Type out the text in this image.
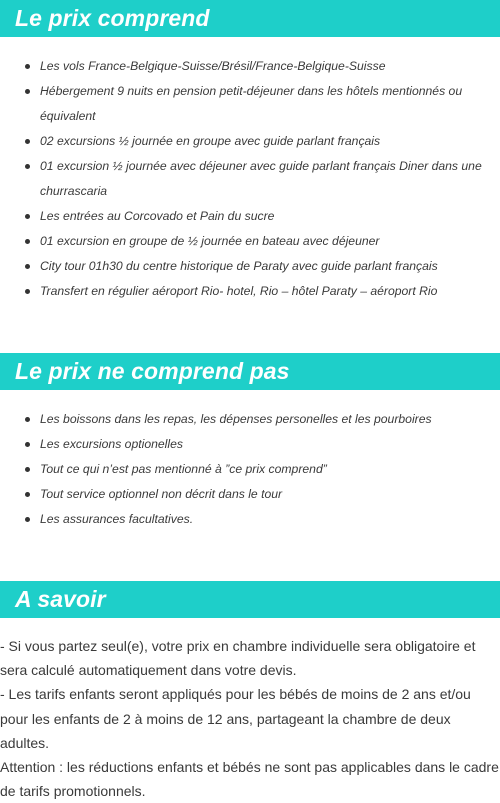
Le prix comprend
Les vols France-Belgique-Suisse/Brésil/France-Belgique-Suisse
Hébergement 9 nuits en pension petit-déjeuner dans les hôtels mentionnés ou équivalent
02 excursions ½ journée en groupe avec guide parlant français
01 excursion ½ journée avec déjeuner avec guide parlant français Diner dans une churrascaria
Les entrées au Corcovado et Pain du sucre
01 excursion en groupe de ½ journée en bateau avec déjeuner
City tour 01h30 du centre historique de Paraty avec guide parlant français
Transfert en régulier aéroport Rio- hotel, Rio – hôtel Paraty – aéroport Rio
Le prix ne comprend pas
Les boissons dans les repas, les dépenses personelles et les pourboires
Les excursions optionelles
Tout ce qui n’est pas mentionné à ”ce prix comprend”
Tout service optionnel non décrit dans le tour
Les assurances facultatives.
A savoir

- Si vous partez seul(e), votre prix en chambre individuelle sera obligatoire et sera calculé automatiquement dans votre devis.

- Les tarifs enfants seront appliqués pour les bébés de moins de 2 ans et/ou pour les enfants de 2 à moins de 12 ans, partageant la chambre de deux adultes.

Attention : les réductions enfants et bébés ne sont pas applicables dans le cadre de tarifs promotionnels.
